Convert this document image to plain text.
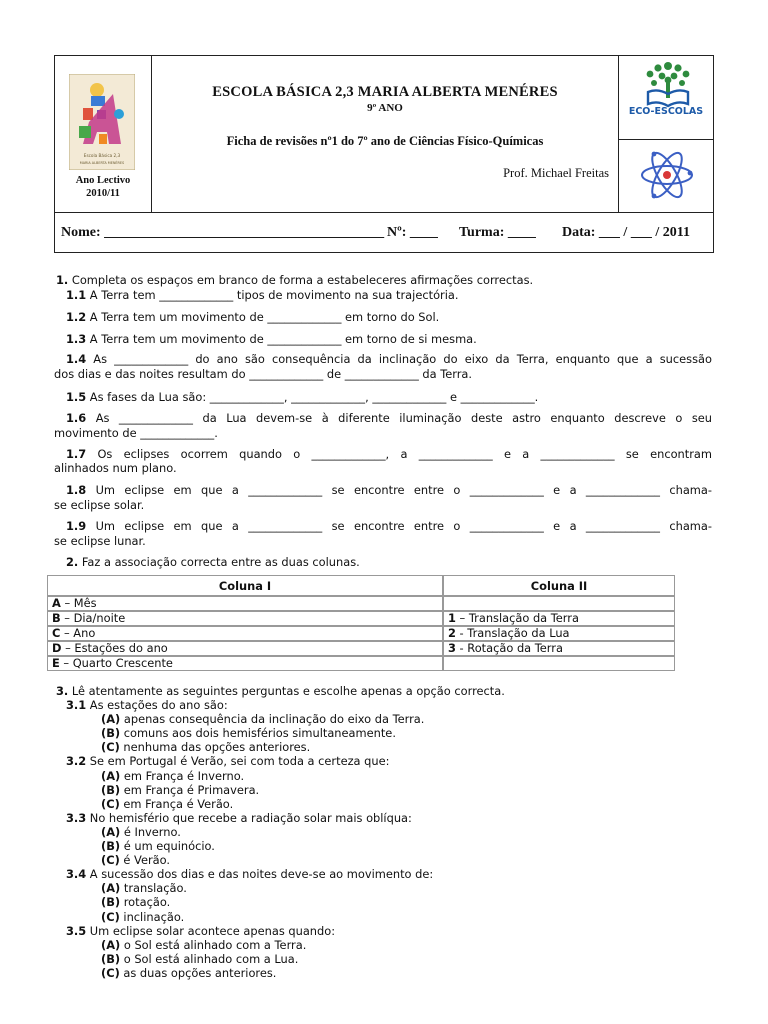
Escola Básica 2,3
MARIA ALBERTA MENÉRES
Ano Lectivo
2010/11
ESCOLA BÁSICA 2,3 MARIA ALBERTA MENÉRES
9º ANO
Ficha de revisões nº1 do 7º ano de Ciências Físico-Químicas
Prof. Michael Freitas
ECO-ESCOLAS
Nome: ________________________________________ Nº: ____ Turma: ____ Data: ___ / ___ / 2011
1. Completa os espaços em branco de forma a estabeleceres afirmações correctas.
1.1 A Terra tem _____________ tipos de movimento na sua trajectória.
1.2 A Terra tem um movimento de _____________ em torno do Sol.
1.3 A Terra tem um movimento de _____________ em torno de si mesma.
1.4 As _____________ do ano são consequência da inclinação do eixo da Terra, enquanto que a sucessão
dos dias e das noites resultam do _____________ de _____________ da Terra.
1.5 As fases da Lua são: _____________, _____________, _____________ e _____________.
1.6 As _____________ da Lua devem-se à diferente iluminação deste astro enquanto descreve o seu
movimento de _____________.
1.7 Os eclipses ocorrem quando o _____________, a _____________ e a _____________ se encontram
alinhados num plano.
1.8 Um eclipse em que a _____________ se encontre entre o _____________ e a _____________ chama-
se eclipse solar.
1.9 Um eclipse em que a _____________ se encontre entre o _____________ e a _____________ chama-
se eclipse lunar.
2. Faz a associação correcta entre as duas colunas.
Coluna I	Coluna II
A – Mês	
B – Dia/noite	1 – Translação da Terra
C – Ano	2 - Translação da Lua
D – Estações do ano	3 - Rotação da Terra
E – Quarto Crescente	
3. Lê atentamente as seguintes perguntas e escolhe apenas a opção correcta.
3.1 As estações do ano são:
(A) apenas consequência da inclinação do eixo da Terra.
(B) comuns aos dois hemisférios simultaneamente.
(C) nenhuma das opções anteriores.
3.2 Se em Portugal é Verão, sei com toda a certeza que:
(A) em França é Inverno.
(B) em França é Primavera.
(C) em França é Verão.
3.3 No hemisfério que recebe a radiação solar mais oblíqua:
(A) é Inverno.
(B) é um equinócio.
(C) é Verão.
3.4 A sucessão dos dias e das noites deve-se ao movimento de:
(A) translação.
(B) rotação.
(C) inclinação.
3.5 Um eclipse solar acontece apenas quando:
(A) o Sol está alinhado com a Terra.
(B) o Sol está alinhado com a Lua.
(C) as duas opções anteriores.
